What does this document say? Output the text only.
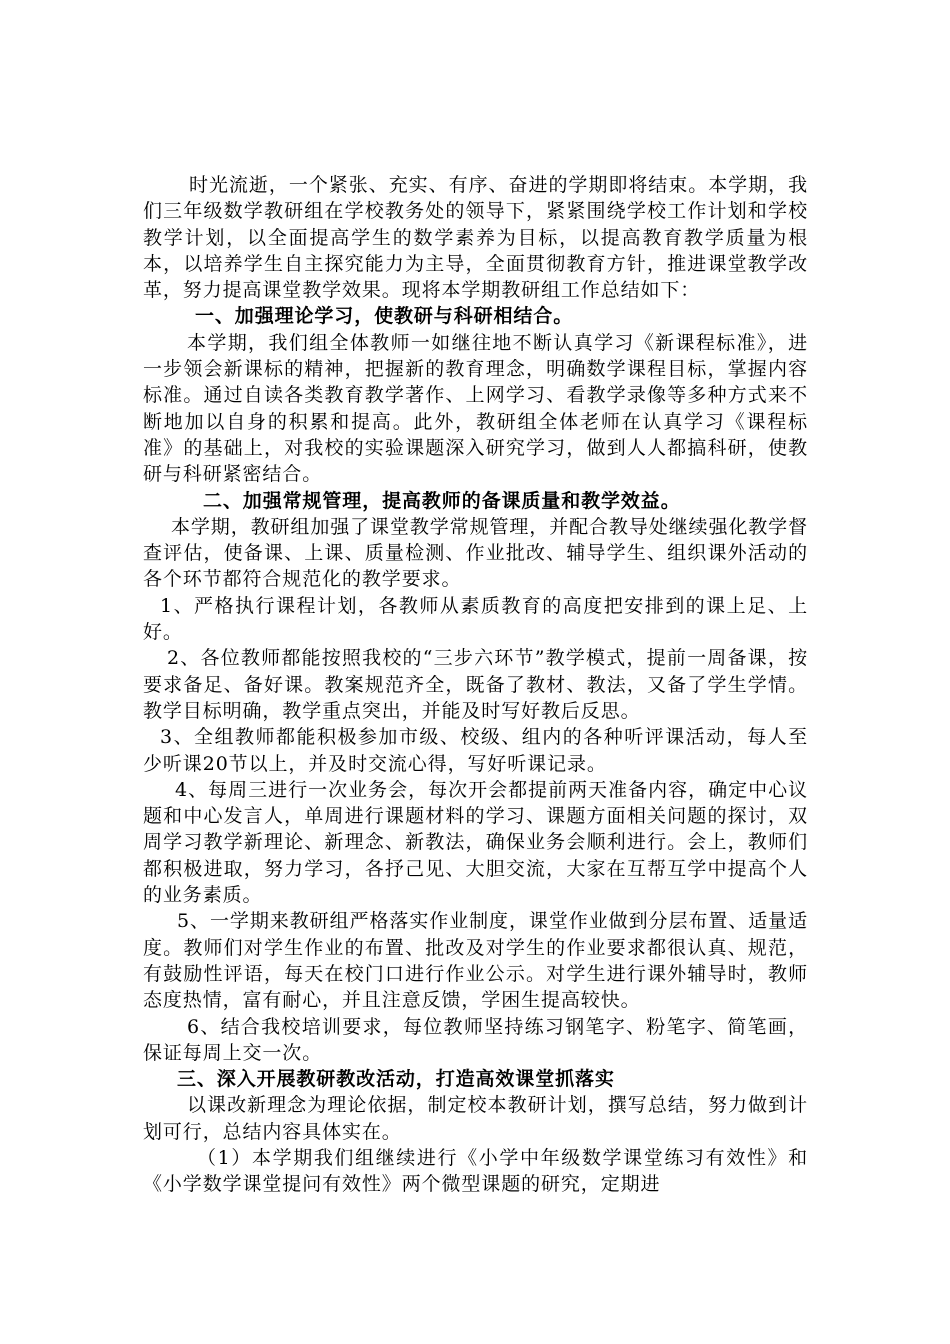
时光流逝，一个紧张、充实、有序、奋进的学期即将结束。本学期，我们三年级数学教研组在学校教务处的领导下，紧紧围绕学校工作计划和学校教学计划，以全面提高学生的数学素养为目标，以提高教育教学质量为根本，以培养学生自主探究能力为主导，全面贯彻教育方针，推进课堂教学改革，努力提高课堂教学效果。现将本学期教研组工作总结如下：

一、加强理论学习，使教研与科研相结合。

本学期，我们组全体教师一如继往地不断认真学习《新课程标准》，进一步领会新课标的精神，把握新的教育理念，明确数学课程目标，掌握内容标准。通过自读各类教育教学著作、上网学习、看教学录像等多种方式来不断地加以自身的积累和提高。此外，教研组全体老师在认真学习《课程标准》的基础上，对我校的实验课题深入研究学习，做到人人都搞科研，使教研与科研紧密结合。

二、加强常规管理，提高教师的备课质量和教学效益。

本学期，教研组加强了课堂教学常规管理，并配合教导处继续强化教学督查评估，使备课、上课、质量检测、作业批改、辅导学生、组织课外活动的各个环节都符合规范化的教学要求。

1、严格执行课程计划，各教师从素质教育的高度把安排到的课上足、上好。

2、各位教师都能按照我校的“三步六环节”教学模式，提前一周备课，按要求备足、备好课。教案规范齐全，既备了教材、教法，又备了学生学情。教学目标明确，教学重点突出，并能及时写好教后反思。

3、全组教师都能积极参加市级、校级、组内的各种听评课活动，每人至少听课20节以上，并及时交流心得，写好听课记录。

4、每周三进行一次业务会，每次开会都提前两天准备内容，确定中心议题和中心发言人，单周进行课题材料的学习、课题方面相关问题的探讨，双周学习教学新理论、新理念、新教法，确保业务会顺利进行。会上，教师们都积极进取，努力学习，各抒己见、大胆交流，大家在互帮互学中提高个人的业务素质。

5、一学期来教研组严格落实作业制度，课堂作业做到分层布置、适量适度。教师们对学生作业的布置、批改及对学生的作业要求都很认真、规范，有鼓励性评语，每天在校门口进行作业公示。对学生进行课外辅导时，教师态度热情，富有耐心，并且注意反馈，学困生提高较快。

6、结合我校培训要求，每位教师坚持练习钢笔字、粉笔字、简笔画，保证每周上交一次。

三、深入开展教研教改活动，打造高效课堂抓落实

以课改新理念为理论依据，制定校本教研计划，撰写总结，努力做到计划可行，总结内容具体实在。

（1）本学期我们组继续进行《小学中年级数学课堂练习有效性》和《小学数学课堂提问有效性》两个微型课题的研究，定期进
